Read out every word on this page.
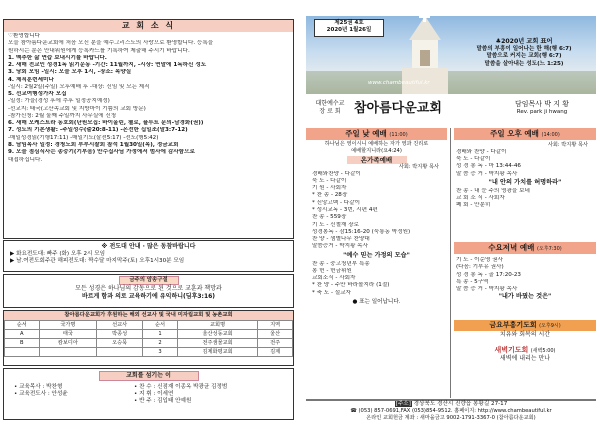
교 회 소 식
♡환영합니다
오늘 참아름다운교회에 처음 오신 분을 예수그리스도의 사랑으로 환영합니다. 등록을
원하시는 분은 안내위원에게 등록카드를 기록하여 제출해 주시기 바랍니다.
1. 맥추한 삶 연습 보내시기를 바랍니다.
2. 새해 전교인 성경1독 읽기운동 -기간: 11월까지, -시상: 연말에 1독하신 성도
3. 당회 모임 -일시: 오늘 오후 1시, -장소: 목양실
4. 제직훈련세미나
-일시: 2월2일(주일) 오후예배 후 -대상: 신임 및 모든 제직
5. 선교여행성가자 모집
-일정: 가을(경성 후에 추후 일정공지예정)
-선교지: 태국(고산족교회 및 지방마이 기쁨의 교회 방문)
-참가신청: 2월 둘째 주일까지 사무실에 신청
6. 새해 오케스트라 동호회(단원모집: 바이올린, 첼로, 플루트 문의-남경화(권))
7. 성도의 기본생활: -주일성수(출20:8-11) -온전한 십일조(말3:7-12)
-매일성경읽(기행17:11) -매일기도(살전5:17) -전도(행5:42)
8. 담임목사 일정: 경청노회 부부시찰회 참석 1월30일(목), 정금교회
9. 오늘 점심식사는 종중기(기부음) 안수집사님 가정에서 범사에 감사함으로
대접하십니다.
※ 전도대 안내 · 많은 동참바랍니다
▶ 화요전도대: 빠주 (화) 오후 2시 모임
▶ 남.여전도회주관 해피전도대: 짝수달 마지막주(토) 오후1시30분 모임
금주의 암송구절
모든 성경은 하나님의 감동으로 된 것으로 교훈과 책망과
바르게 함과 의로 교육하기에 유익하니(딤후3:16)
참아름다운교회가 후원하는 해외 선교사 및 국내 미자립교회 및 농촌교회
순서	국가명	선교사	순서	교회명	지역
A	태국	박종성	1	울산성동교회	울산
B	캄보디아	오승묵	2	전주샘물교회	전주
			3	김제화평교회	김제
교회를 섬기는 이
• 교육목사 : 박찬형
• 교육전도사 : 안성윤
• 찬 수 : 신점재 이종옥 박광균 김정범
• 지 휘 : 이세연
• 반 주 : 김입태 안예원
제25권 4호
2020년 1월26일
www.chambeautiful.kr
♣2020년 교회 표어
말씀의 부흥이 일어나는 한 해(행 6:7)
말씀으로 커지는 교회(행 6:7)
말씀을 살아내는 성도(느 1:25)
대한예수교
장 로 회	참아름다운교회	담임목사 박 지 황
Rev. park ji hwang
주일 낮 예배 (11:00)
하나님은 영이시니 예배하는 자가 영과 진리로
예배할지니라(요4:24)
온가족예배
사회: 박지황 목사
경배와찬양 - 다같이
묵 도 - 다같이
기 원 - 사회자
* 찬 송 - 28장
* 신앙고백 - 다같이
* 성시교독 - 3번, 시편 4편
찬 송 - 559장
기 도 - 신철재 장로
성경봉독 - 잠15:16-20 (눅통동 박정원)
찬 양 - 샘별나무 찬양대
말씀증거 - 박지황 목사
"예수 믿는 가정의 모습"
찬 송 - 중고청년부 특송
봉 헌 - 헌금위원
교회소식 - 사회자
* 찬 양 - 주만 바라볼지라 (1절)
* 축 도 - 설교자
● 표는 일어납니다.
주일 오후 예배 (14:00)
사회: 박지황 목사
경배와 찬양 - 다같이
묵 도 - 다같이
성 경 봉 독 - 마 13:44-46
말 씀 증 거 - 박지황 목사
"내 안의 가치를 허명하라"
찬 송 - 내 눈 주의 영광을 보네
교 회 소 식 - 사회자
폐 회 - 안분히
수요저녁 예배 (오후7:30)
기 도 - 이순영 권사
(다음: 기부유 권사)
성 경 봉 독 - 골 17:20-23
특 송 - 5구역
말 씀 증 거 - 박지황 목사
"내가 바꿨는 것은"
금요부흥기도회 (오후9시)
치유와 회복의 시간
새벽기도회 (새벽5:00)
새벽에 내리는 만나
[주소] 경상북도 경산시 진량읍 봉황길 27-17
☎ (053) 857-0691,FAX (053)854-9512. 홈페이지: http://www.chambeautiful.kr
온라인 교회헌금 계좌 : 새마을금고 9002-1791-3367-0 (참아름다운교회)
